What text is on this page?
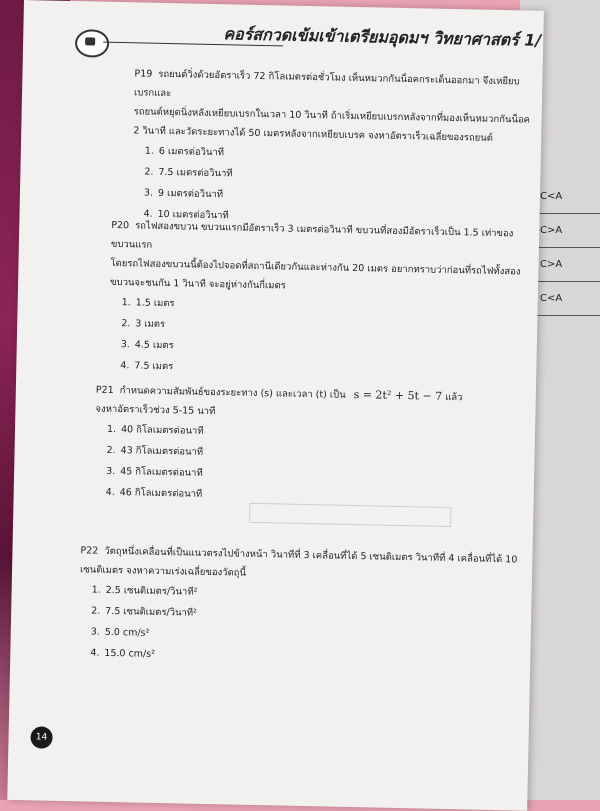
C<A
C>A
C>A
C<A
คอร์สกวดเข้มเข้าเตรียมอุดมฯ วิทยาศาสตร์ 1/

P19 รถยนต์วิ่งด้วยอัตราเร็ว 72 กิโลเมตรต่อชั่วโมง เห็นหมวกกันน็อคกระเด็นออกมา จึงเหยียบเบรกและ
รถยนต์หยุดนิ่งหลังเหยียบเบรกในเวลา 10 วินาที ถ้าเริ่มเหยียบเบรกหลังจากที่มองเห็นหมวกกันน็อค
2 วินาที และวัดระยะทางได้ 50 เมตรหลังจากเหยียบเบรค จงหาอัตราเร็วเฉลี่ยของรถยนต์

1. 6 เมตรต่อวินาที
2. 7.5 เมตรต่อวินาที
3. 9 เมตรต่อวินาที
4. 10 เมตรต่อวินาที

P20 รถไฟสองขบวน ขบวนแรกมีอัตราเร็ว 3 เมตรต่อวินาที ขบวนที่สองมีอัตราเร็วเป็น 1.5 เท่าของขบวนแรก
โดยรถไฟสองขบวนนี้ต้องไปจอดที่สถานีเดียวกันและห่างกัน 20 เมตร อยากทราบว่าก่อนที่รถไฟทั้งสอง
ขบวนจะชนกัน 1 วินาที จะอยู่ห่างกันกี่เมตร

1. 1.5 เมตร
2. 3 เมตร
3. 4.5 เมตร
4. 7.5 เมตร

P21 กำหนดความสัมพันธ์ของระยะทาง (s) และเวลา (t) เป็น s = 2t² + 5t − 7 แล้ว
จงหาอัตราเร็วช่วง 5-15 นาที

1. 40 กิโลเมตรต่อนาที
2. 43 กิโลเมตรต่อนาที
3. 45 กิโลเมตรต่อนาที
4. 46 กิโลเมตรต่อนาที

P22 วัตถุหนึ่งเคลื่อนที่เป็นแนวตรงไปข้างหน้า วินาทีที่ 3 เคลื่อนที่ได้ 5 เซนติเมตร วินาทีที่ 4 เคลื่อนที่ได้ 10
เซนติเมตร จงหาความเร่งเฉลี่ยของวัตถุนี้

1. 2.5 เซนติเมตร/วินาที²
2. 7.5 เซนติเมตร/วินาที²
3. 5.0 cm/s²
4. 15.0 cm/s²
14
